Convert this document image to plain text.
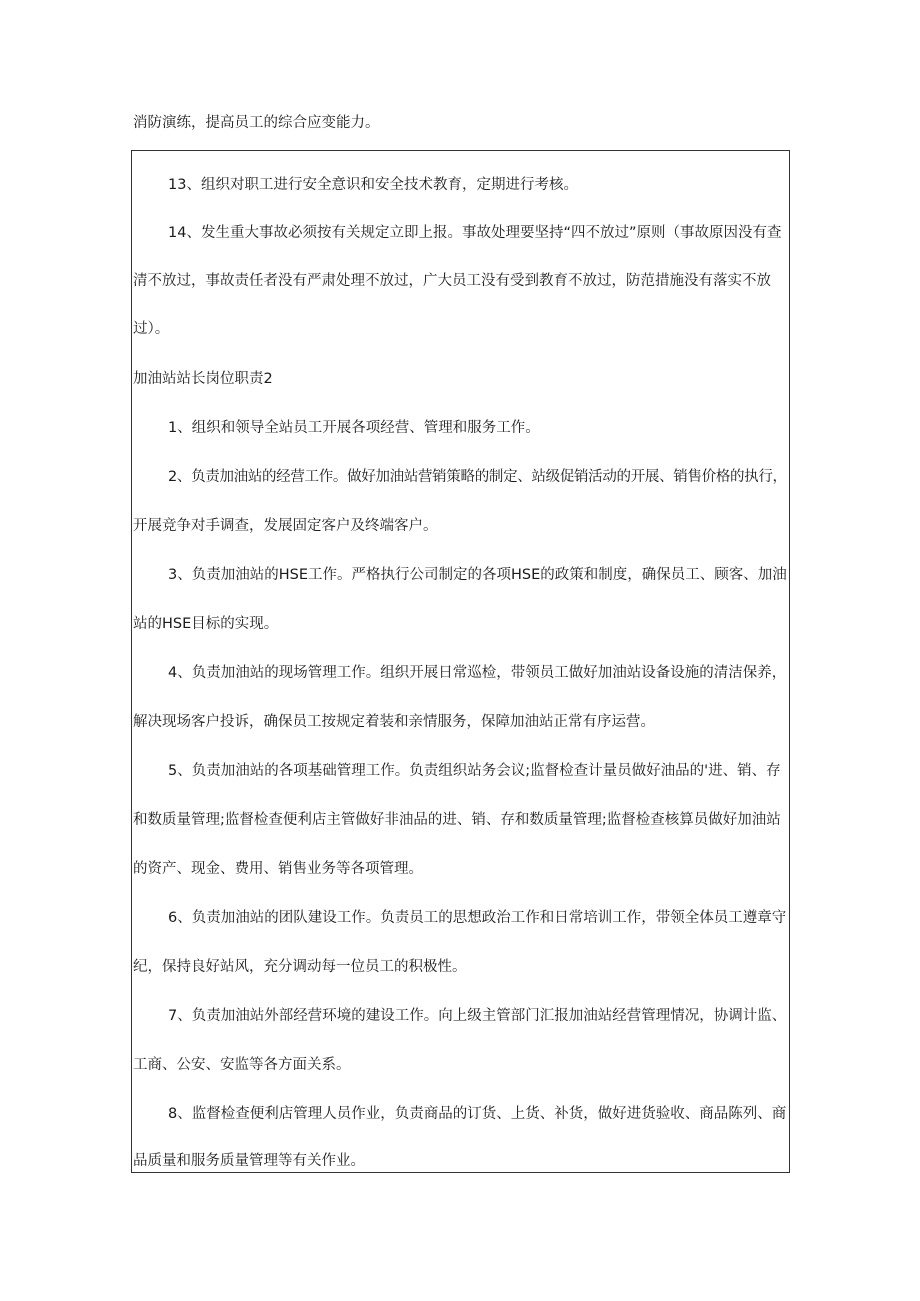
消防演练，提高员工的综合应变能力。
13、组织对职工进行安全意识和安全技术教育，定期进行考核。
14、发生重大事故必须按有关规定立即上报。事故处理要坚持“四不放过”原则（事故原因没有查
清不放过，事故责任者没有严肃处理不放过，广大员工没有受到教育不放过，防范措施没有落实不放
过）。
加油站站长岗位职责2
1、组织和领导全站员工开展各项经营、管理和服务工作。
2、负责加油站的经营工作。做好加油站营销策略的制定、站级促销活动的开展、销售价格的执行，
开展竞争对手调查，发展固定客户及终端客户。
3、负责加油站的HSE工作。严格执行公司制定的各项HSE的政策和制度，确保员工、顾客、加油
站的HSE目标的实现。
4、负责加油站的现场管理工作。组织开展日常巡检，带领员工做好加油站设备设施的清洁保养，
解决现场客户投诉，确保员工按规定着装和亲情服务，保障加油站正常有序运营。
5、负责加油站的各项基础管理工作。负责组织站务会议;监督检查计量员做好油品的'进、销、存
和数质量管理;监督检查便利店主管做好非油品的进、销、存和数质量管理;监督检查核算员做好加油站
的资产、现金、费用、销售业务等各项管理。
6、负责加油站的团队建设工作。负责员工的思想政治工作和日常培训工作，带领全体员工遵章守
纪，保持良好站风，充分调动每一位员工的积极性。
7、负责加油站外部经营环境的建设工作。向上级主管部门汇报加油站经营管理情况，协调计监、
工商、公安、安监等各方面关系。
8、监督检查便利店管理人员作业，负责商品的订货、上货、补货，做好进货验收、商品陈列、商
品质量和服务质量管理等有关作业。
